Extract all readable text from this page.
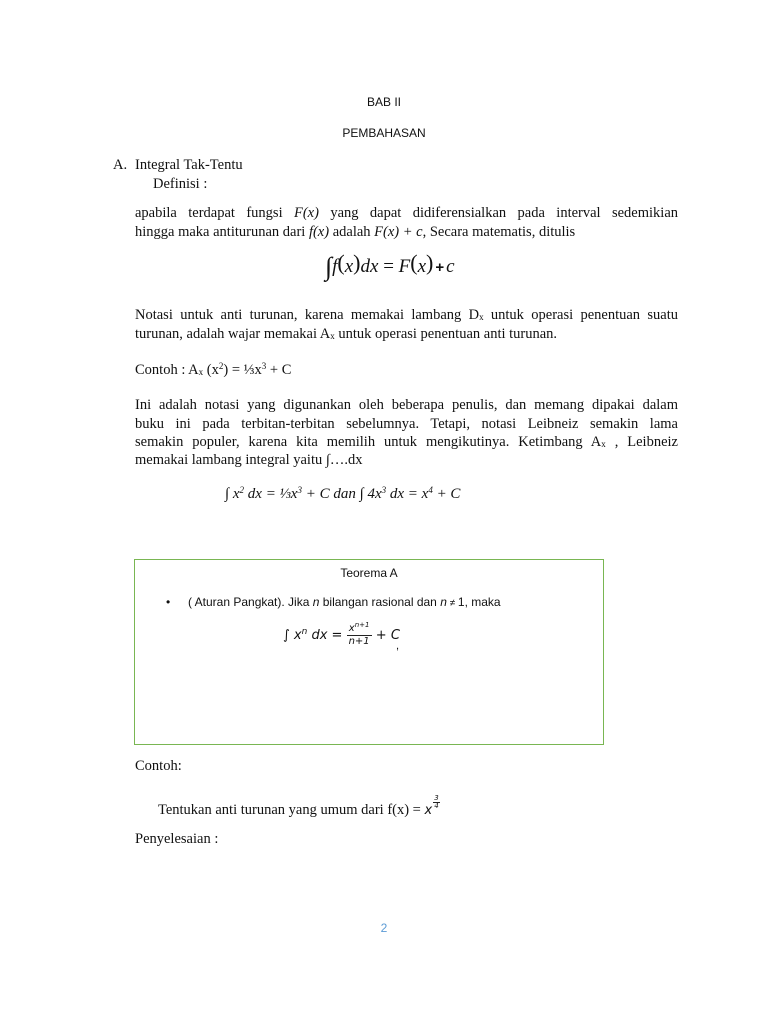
BAB II
PEMBAHASAN
A. Integral Tak-Tentu
Definisi :
apabila terdapat fungsi F(x) yang dapat didiferensialkan pada interval sedemikian
hingga maka antiturunan dari f(x) adalah F(x) + c, Secara matematis, ditulis
∫f(x)dx = F(x) + c
Notasi untuk anti turunan, karena memakai lambang $D_x$ untuk operasi penentuan suatu
turunan, adalah wajar memakai $A_x$ untuk operasi penentuan anti turunan.
Contoh : $A_x$ $(x^2)$ = $\frac{1}{3}x^3 + C$
Ini adalah notasi yang digunankan oleh beberapa penulis, dan memang dipakai dalam
buku ini pada terbitan-terbitan sebelumnya. Tetapi, notasi Leibneiz semakin lama
semakin populer, karena kita memilih untuk mengikutinya. Ketimbang $A_x$ , Leibneiz
memakai lambang integral yaitu ∫….dx
∫ $x^2$ dx = $\frac{1}{3}x^3 + C$ dan ∫ $4x^3$ dx = $x^4 + C$
Teorema A
• ( Aturan Pangkat). Jika n bilangan rasional dan n ≠ 1, maka
∫ $x^n$ dx = $\frac{x^{n+1}}{n+1} + C$
,
Contoh:
Tentukan anti turunan yang umum dari f(x) = x
$\frac{3}{4}$
Penyelesaian :
2
